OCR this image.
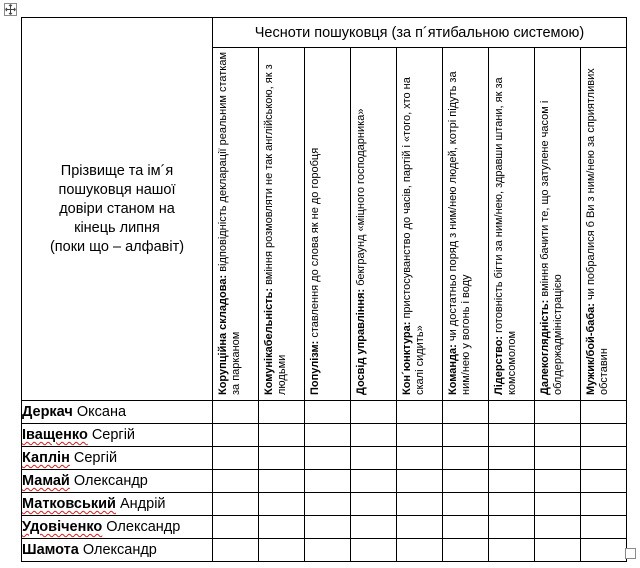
Прізвище та ім´я
пошуковця нашої
довіри станом на
кінець липня
(поки що – алфавіт)	Чесноти пошуковця (за п´ятибальною системою)								

	Корупційна складова: відповідність декларації реальним статкам за парканом	Комунікабельність: вміння розмовляти не так англійською, як з людьми	Популізм: ставлення до слова як не до горобця	Досвід управління: бекграунд «міцного господарника»	Кон´юнктура: пристосуванство до часів, партій і «того, хто на скалі сидить»	Команда: чи достатньо поряд з ним/нею людей, котрі підуть за ним/нею у вогонь і воду	Лідерство: готовність бігти за ним/нею, здравши штани, як за комсомолом	Далекоглядність: вміння бачити те, що затулене часом і облдержадміністрацією	Мужик/бой-баба: чи побралися б Ви з ним/нею за сприятливих обставин

Деркач Оксана									
Іващенко Сергій									
Каплін Сергій									
Мамай Олександр									
Матковський Андрій									
Удовіченко Олександр									
Шамота Олександр									
